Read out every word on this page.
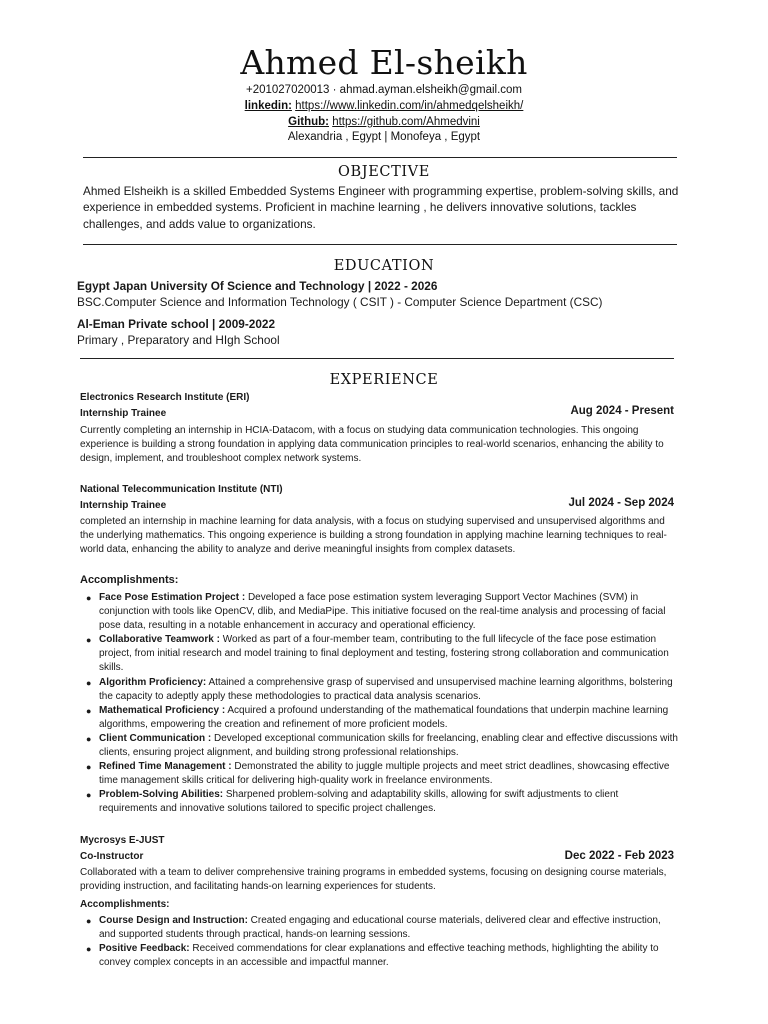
Ahmed El-sheikh
+201027020013 · ahmad.ayman.elsheikh@gmail.com
linkedin: https://www.linkedin.com/in/ahmedqelsheikh/
Github: https://github.com/Ahmedvini
Alexandria , Egypt | Monofeya , Egypt
OBJECTIVE
Ahmed Elsheikh is a skilled Embedded Systems Engineer with programming expertise, problem-solving skills, and experience in embedded systems. Proficient in machine learning , he delivers innovative solutions, tackles challenges, and adds value to organizations.
EDUCATION
Egypt Japan University Of Science and Technology | 2022 - 2026
BSC.Computer Science and Information Technology ( CSIT ) - Computer Science Department (CSC)
Al-Eman Private school | 2009-2022
Primary , Preparatory and HIgh School
EXPERIENCE
Electronics Research Institute (ERI)
Internship Trainee	Aug 2024 - Present
Currently completing an internship in HCIA-Datacom, with a focus on studying data communication technologies. This ongoing experience is building a strong foundation in applying data communication principles to real-world scenarios, enhancing the ability to design, implement, and troubleshoot complex network systems.
National Telecommunication Institute (NTI)
Internship Trainee	Jul 2024 - Sep 2024
completed an internship in machine learning for data analysis, with a focus on studying supervised and unsupervised algorithms and the underlying mathematics. This ongoing experience is building a strong foundation in applying machine learning techniques to real-world data, enhancing the ability to analyze and derive meaningful insights from complex datasets.
Accomplishments:
● Face Pose Estimation Project : Developed a face pose estimation system leveraging Support Vector Machines (SVM) in conjunction with tools like OpenCV, dlib, and MediaPipe. This initiative focused on the real-time analysis and processing of facial pose data, resulting in a notable enhancement in accuracy and operational efficiency.
● Collaborative Teamwork : Worked as part of a four-member team, contributing to the full lifecycle of the face pose estimation project, from initial research and model training to final deployment and testing, fostering strong collaboration and communication skills.
● Algorithm Proficiency: Attained a comprehensive grasp of supervised and unsupervised machine learning algorithms, bolstering the capacity to adeptly apply these methodologies to practical data analysis scenarios.
● Mathematical Proficiency : Acquired a profound understanding of the mathematical foundations that underpin machine learning algorithms, empowering the creation and refinement of more proficient models.
● Client Communication : Developed exceptional communication skills for freelancing, enabling clear and effective discussions with clients, ensuring project alignment, and building strong professional relationships.
● Refined Time Management : Demonstrated the ability to juggle multiple projects and meet strict deadlines, showcasing effective time management skills critical for delivering high-quality work in freelance environments.
● Problem-Solving Abilities: Sharpened problem-solving and adaptability skills, allowing for swift adjustments to client requirements and innovative solutions tailored to specific project challenges.
Mycrosys E-JUST
Co-Instructor	Dec 2022 - Feb 2023
Collaborated with a team to deliver comprehensive training programs in embedded systems, focusing on designing course materials, providing instruction, and facilitating hands-on learning experiences for students.
Accomplishments:
● Course Design and Instruction: Created engaging and educational course materials, delivered clear and effective instruction, and supported students through practical, hands-on learning sessions.
● Positive Feedback: Received commendations for clear explanations and effective teaching methods, highlighting the ability to convey complex concepts in an accessible and impactful manner.
